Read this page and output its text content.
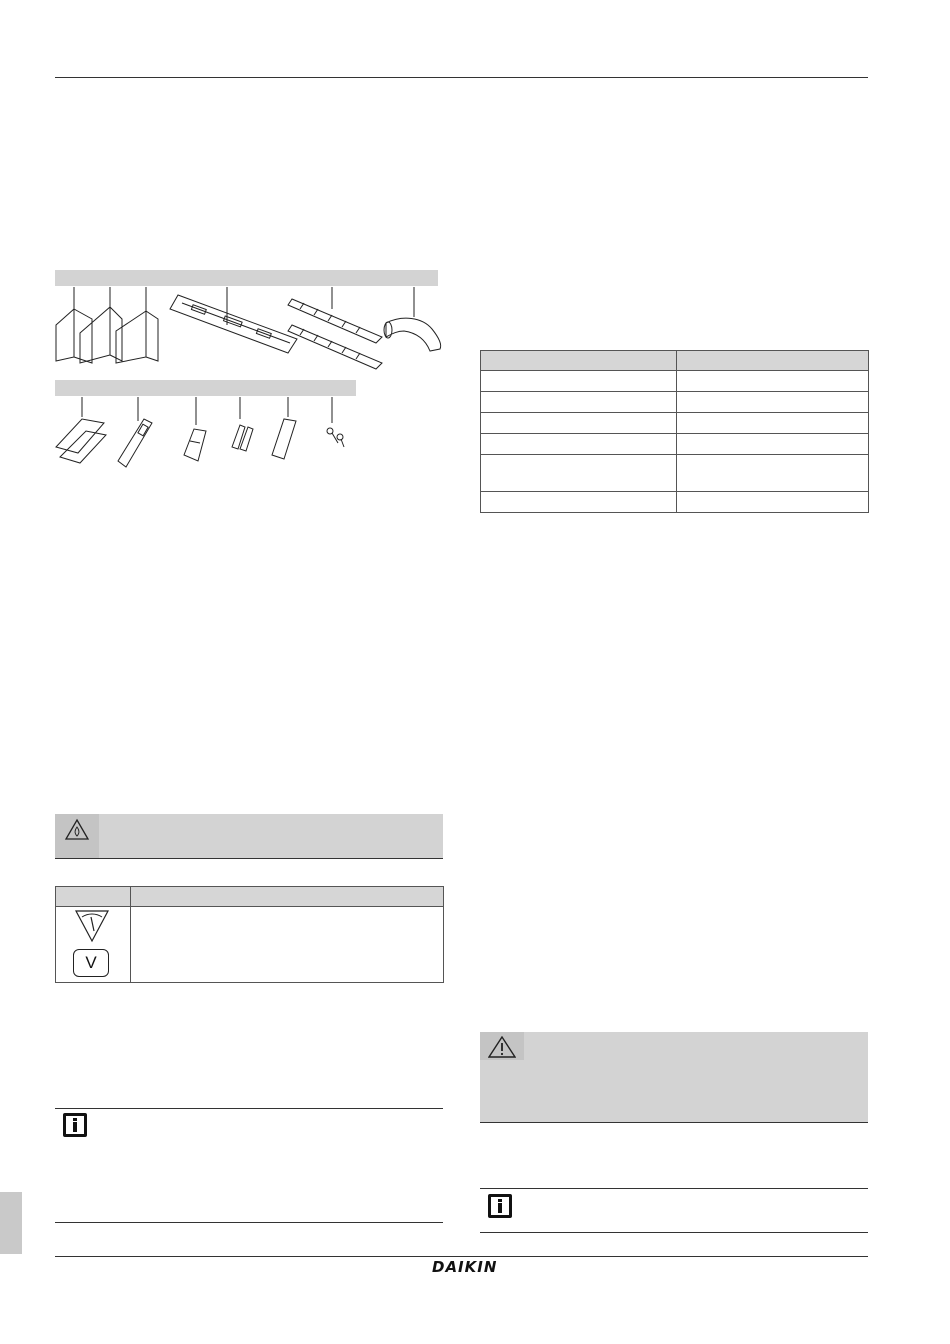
V	

DAIKIN
